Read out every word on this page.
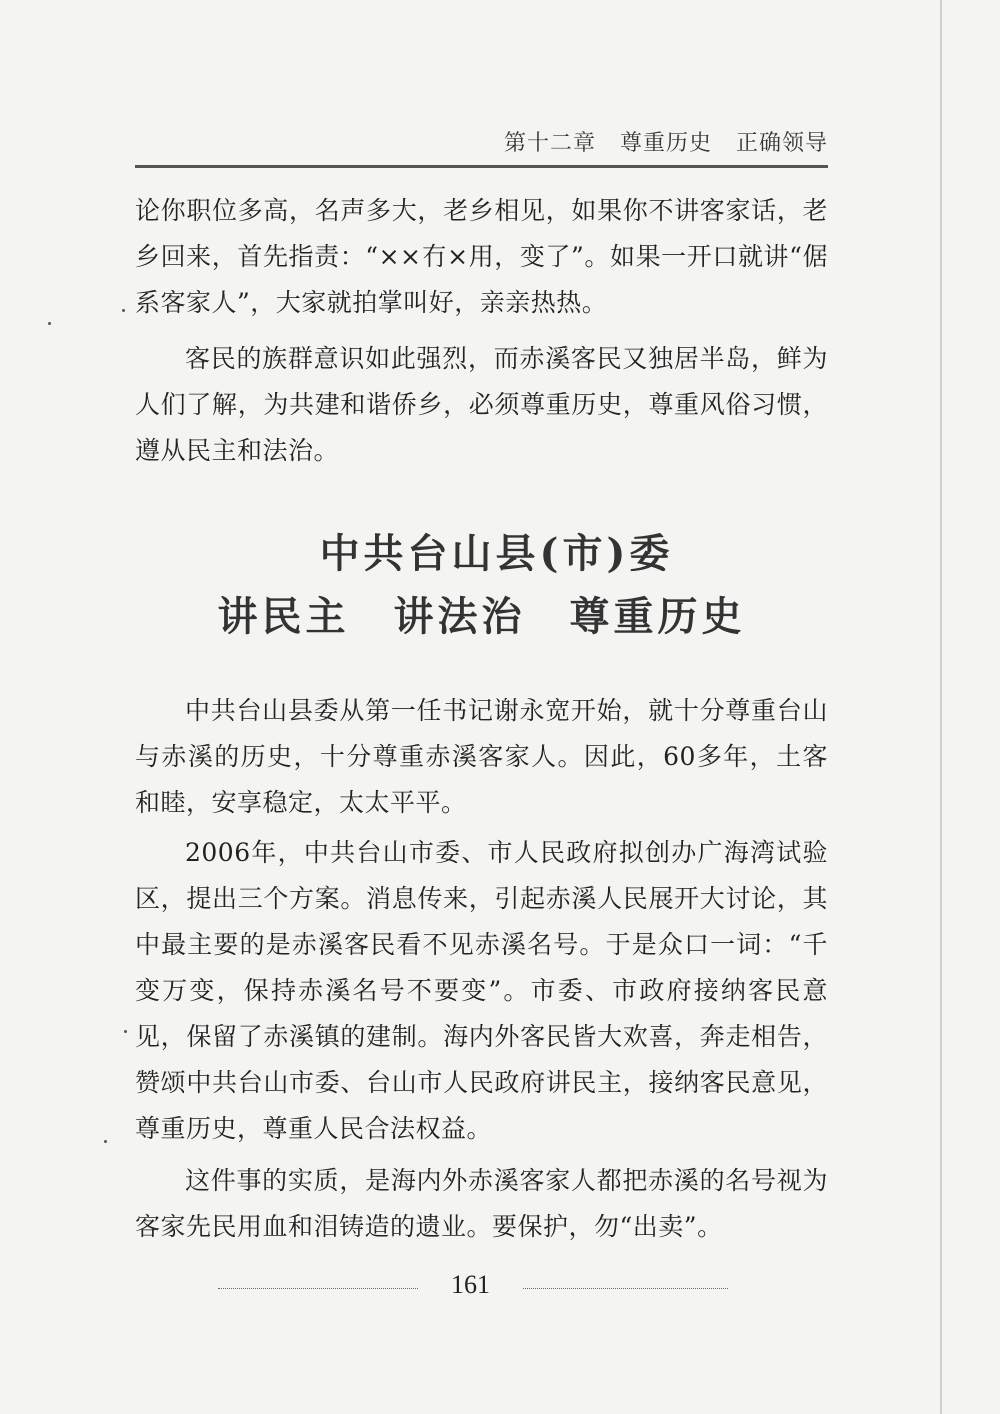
第十二章 尊重历史 正确领导

论你职位多高，名声多大，老乡相见，如果你不讲客家话，老乡回来，首先指责：“××冇×用，变了”。如果一开口就讲“倨系客家人”，大家就拍掌叫好，亲亲热热。

客民的族群意识如此强烈，而赤溪客民又独居半岛，鲜为人们了解，为共建和谐侨乡，必须尊重历史，尊重风俗习惯，遵从民主和法治。

中共台山县(市)委
讲民主　讲法治　尊重历史

中共台山县委从第一任书记谢永宽开始，就十分尊重台山与赤溪的历史，十分尊重赤溪客家人。因此，60多年，土客和睦，安享稳定，太太平平。

2006年，中共台山市委、市人民政府拟创办广海湾试验区，提出三个方案。消息传来，引起赤溪人民展开大讨论，其中最主要的是赤溪客民看不见赤溪名号。于是众口一词：“千变万变，保持赤溪名号不要变”。市委、市政府接纳客民意见，保留了赤溪镇的建制。海内外客民皆大欢喜，奔走相告，赞颂中共台山市委、台山市人民政府讲民主，接纳客民意见，尊重历史，尊重人民合法权益。

这件事的实质，是海内外赤溪客家人都把赤溪的名号视为客家先民用血和泪铸造的遗业。要保护，勿“出卖”。

161
